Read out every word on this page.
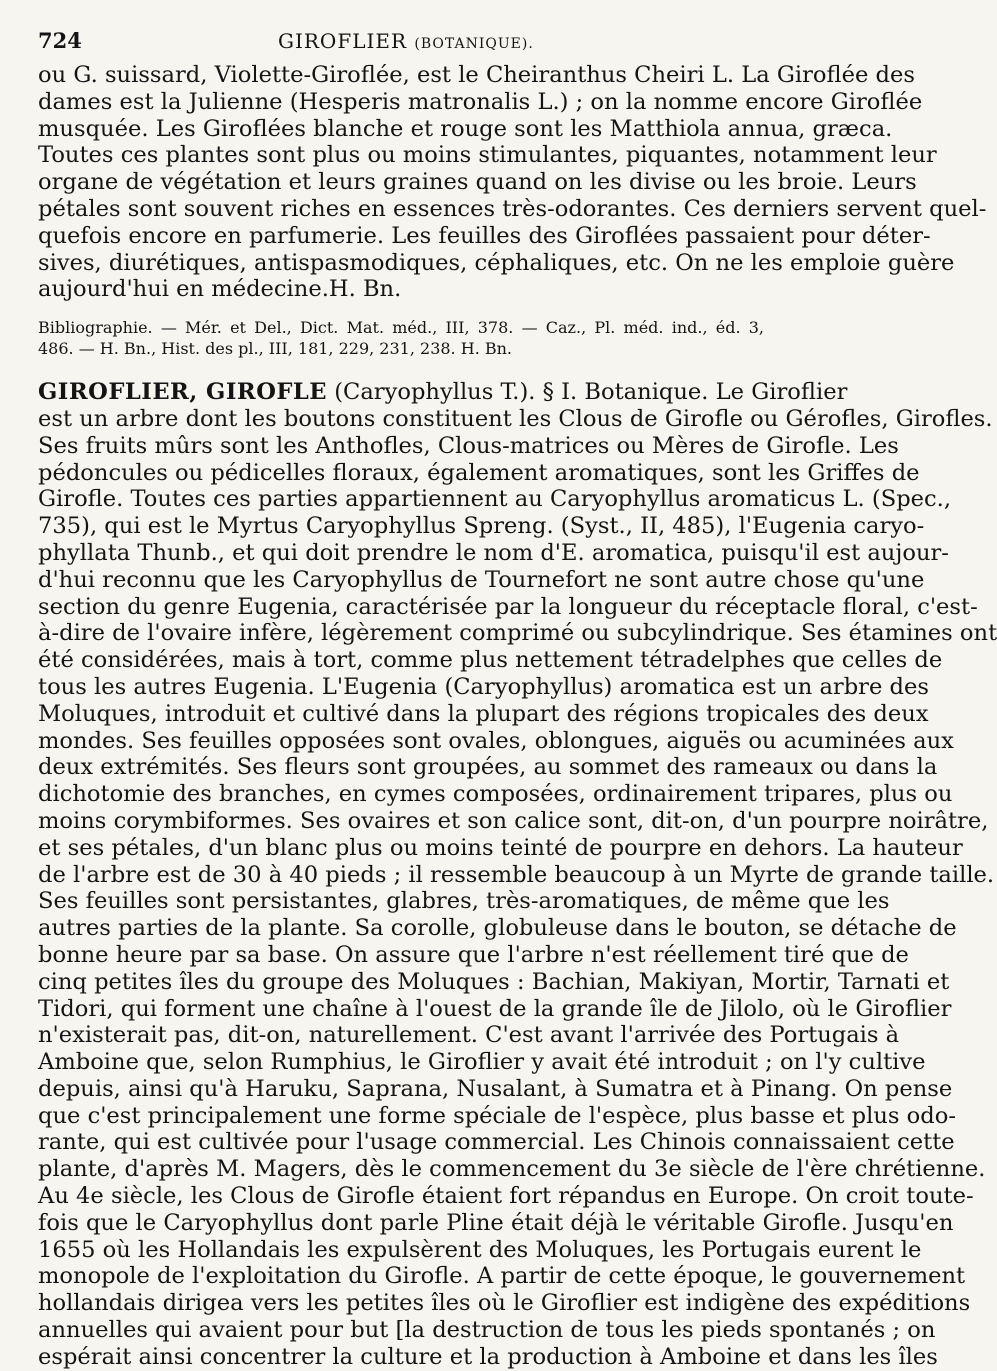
724	GIROFLIER (BOTANIQUE).
ou G. suissard, Violette-Giroflée, est le Cheiranthus Cheiri L. La Giroflée des
dames est la Julienne (Hesperis matronalis L.) ; on la nomme encore Giroflée
musquée. Les Giroflées blanche et rouge sont les Matthiola annua, græca.
Toutes ces plantes sont plus ou moins stimulantes, piquantes, notamment leur
organe de végétation et leurs graines quand on les divise ou les broie. Leurs
pétales sont souvent riches en essences très-odorantes. Ces derniers servent quel-
quefois encore en parfumerie. Les feuilles des Giroflées passaient pour déter-
sives, diurétiques, antispasmodiques, céphaliques, etc. On ne les emploie guère
aujourd'hui en médecine.H. Bn.
Bibliographie. — Mér. et Del., Dict. Mat. méd., III, 378. — Caz., Pl. méd. ind., éd. 3,
486. — H. Bn., Hist. des pl., III, 181, 229, 231, 238. H. Bn.
GIROFLIER, GIROFLE (Caryophyllus T.). § I. Botanique. Le Giroflier
est un arbre dont les boutons constituent les Clous de Girofle ou Gérofles, Girofles.
Ses fruits mûrs sont les Anthofles, Clous-matrices ou Mères de Girofle. Les
pédoncules ou pédicelles floraux, également aromatiques, sont les Griffes de
Girofle. Toutes ces parties appartiennent au Caryophyllus aromaticus L. (Spec.,
735), qui est le Myrtus Caryophyllus Spreng. (Syst., II, 485), l'Eugenia caryo-
phyllata Thunb., et qui doit prendre le nom d'E. aromatica, puisqu'il est aujour-
d'hui reconnu que les Caryophyllus de Tournefort ne sont autre chose qu'une
section du genre Eugenia, caractérisée par la longueur du réceptacle floral, c'est-
à-dire de l'ovaire infère, légèrement comprimé ou subcylindrique. Ses étamines ont
été considérées, mais à tort, comme plus nettement tétradelphes que celles de
tous les autres Eugenia. L'Eugenia (Caryophyllus) aromatica est un arbre des
Moluques, introduit et cultivé dans la plupart des régions tropicales des deux
mondes. Ses feuilles opposées sont ovales, oblongues, aiguës ou acuminées aux
deux extrémités. Ses fleurs sont groupées, au sommet des rameaux ou dans la
dichotomie des branches, en cymes composées, ordinairement tripares, plus ou
moins corymbiformes. Ses ovaires et son calice sont, dit-on, d'un pourpre noirâtre,
et ses pétales, d'un blanc plus ou moins teinté de pourpre en dehors. La hauteur
de l'arbre est de 30 à 40 pieds ; il ressemble beaucoup à un Myrte de grande taille.
Ses feuilles sont persistantes, glabres, très-aromatiques, de même que les
autres parties de la plante. Sa corolle, globuleuse dans le bouton, se détache de
bonne heure par sa base. On assure que l'arbre n'est réellement tiré que de
cinq petites îles du groupe des Moluques : Bachian, Makiyan, Mortir, Tarnati et
Tidori, qui forment une chaîne à l'ouest de la grande île de Jilolo, où le Giroflier
n'existerait pas, dit-on, naturellement. C'est avant l'arrivée des Portugais à
Amboine que, selon Rumphius, le Giroflier y avait été introduit ; on l'y cultive
depuis, ainsi qu'à Haruku, Saprana, Nusalant, à Sumatra et à Pinang. On pense
que c'est principalement une forme spéciale de l'espèce, plus basse et plus odo-
rante, qui est cultivée pour l'usage commercial. Les Chinois connaissaient cette
plante, d'après M. Magers, dès le commencement du 3e siècle de l'ère chrétienne.
Au 4e siècle, les Clous de Girofle étaient fort répandus en Europe. On croit toute-
fois que le Caryophyllus dont parle Pline était déjà le véritable Girofle. Jusqu'en
1655 où les Hollandais les expulsèrent des Moluques, les Portugais eurent le
monopole de l'exploitation du Girofle. A partir de cette époque, le gouvernement
hollandais dirigea vers les petites îles où le Giroflier est indigène des expéditions
annuelles qui avaient pour but [la destruction de tous les pieds spontanés ; on
espérait ainsi concentrer la culture et la production à Amboine et dans les îles
